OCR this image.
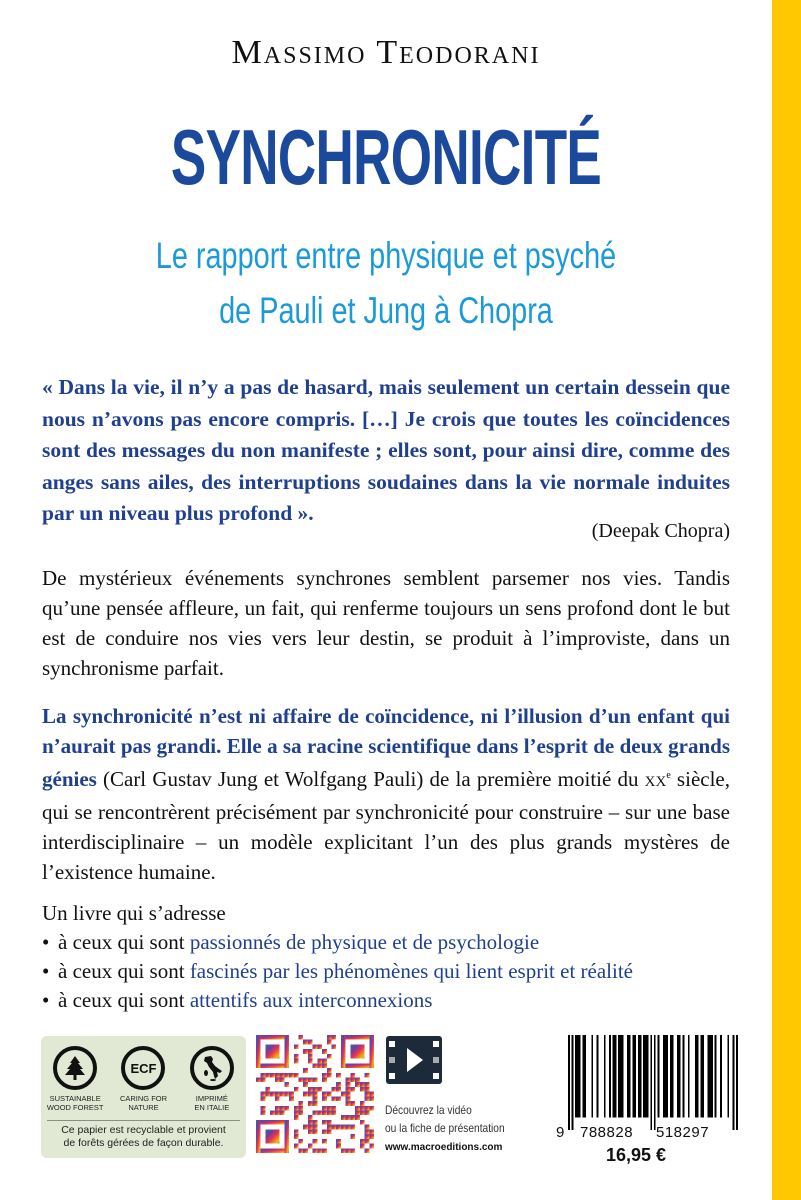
Massimo Teodorani
SYNCHRONICITÉ
Le rapport entre physique et psyché
de Pauli et Jung à Chopra
« Dans la vie, il n’y a pas de hasard, mais seulement un certain dessein que nous n’avons pas encore compris. […] Je crois que toutes les coïncidences sont des messages du non manifeste ; elles sont, pour ainsi dire, comme des anges sans ailes, des interruptions soudaines dans la vie normale induites par un niveau plus profond ».
(Deepak Chopra)
De mystérieux événements synchrones semblent parsemer nos vies. Tandis qu’une pensée affleure, un fait, qui renferme toujours un sens profond dont le but est de conduire nos vies vers leur destin, se produit à l’improviste, dans un synchronisme parfait.
La synchronicité n’est ni affaire de coïncidence, ni l’illusion d’un enfant qui n’aurait pas grandi. Elle a sa racine scientifique dans l’esprit de deux grands génies (Carl Gustav Jung et Wolfgang Pauli) de la première moitié du XXe siècle, qui se rencontrèrent précisément par synchronicité pour construire – sur une base interdisciplinaire – un modèle explicitant l’un des plus grands mystères de l’existence humaine.
Un livre qui s’adresse
• à ceux qui sont passionnés de physique et de psychologie
• à ceux qui sont fascinés par les phénomènes qui lient esprit et réalité
• à ceux qui sont attentifs aux interconnexions
SUSTAINABLE
WOOD FOREST
ECF
CARING FOR
NATURE
IMPRIMÉ
EN ITALIE
Ce papier est recyclable et provient
de forêts gérées de façon durable.
Découvrez la vidéo
ou la fiche de présentation
www.macroeditions.com
9 788828 518297
16,95 €
